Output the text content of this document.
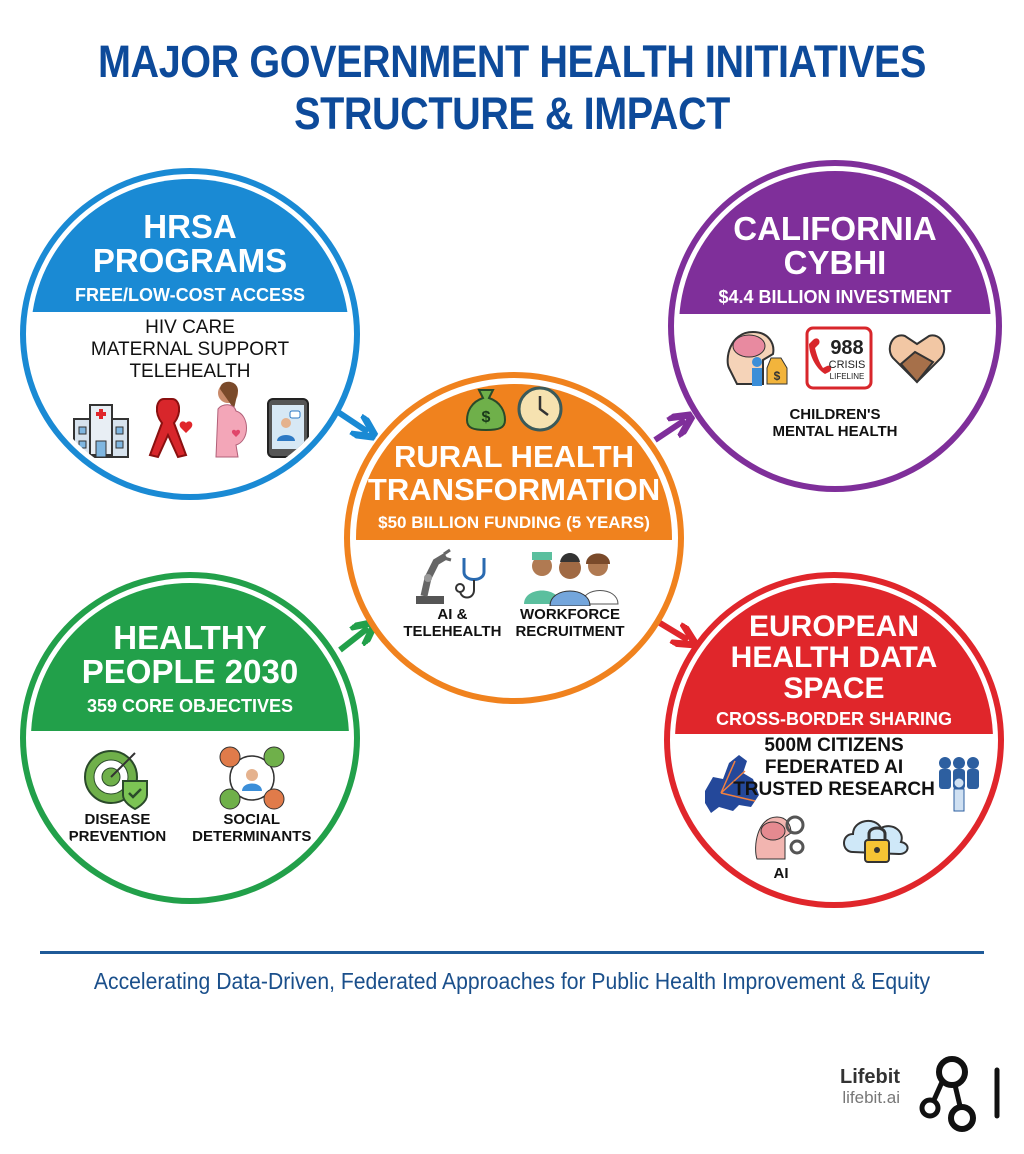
MAJOR GOVERNMENT HEALTH INITIATIVES
STRUCTURE & IMPACT
HRSA
PROGRAMS
FREE/LOW-COST ACCESS
HIV CARE
MATERNAL SUPPORT
TELEHEALTH
CALIFORNIA
CYBHI
$4.4 BILLION INVESTMENT
$
988
CRISIS
LIFELINE
CHILDREN'S
MENTAL HEALTH
$
RURAL HEALTH
TRANSFORMATION
$50 BILLION FUNDING (5 YEARS)
AI &
TELEHEALTH
WORKFORCE
RECRUITMENT
HEALTHY
PEOPLE 2030
359 CORE OBJECTIVES
DISEASE
PREVENTION
SOCIAL
DETERMINANTS
EUROPEAN
HEALTH DATA
SPACE
CROSS-BORDER SHARING
500M CITIZENS
FEDERATED AI
TRUSTED RESEARCH
AI
Accelerating Data-Driven, Federated Approaches for Public Health Improvement & Equity
Lifebit
lifebit.ai
